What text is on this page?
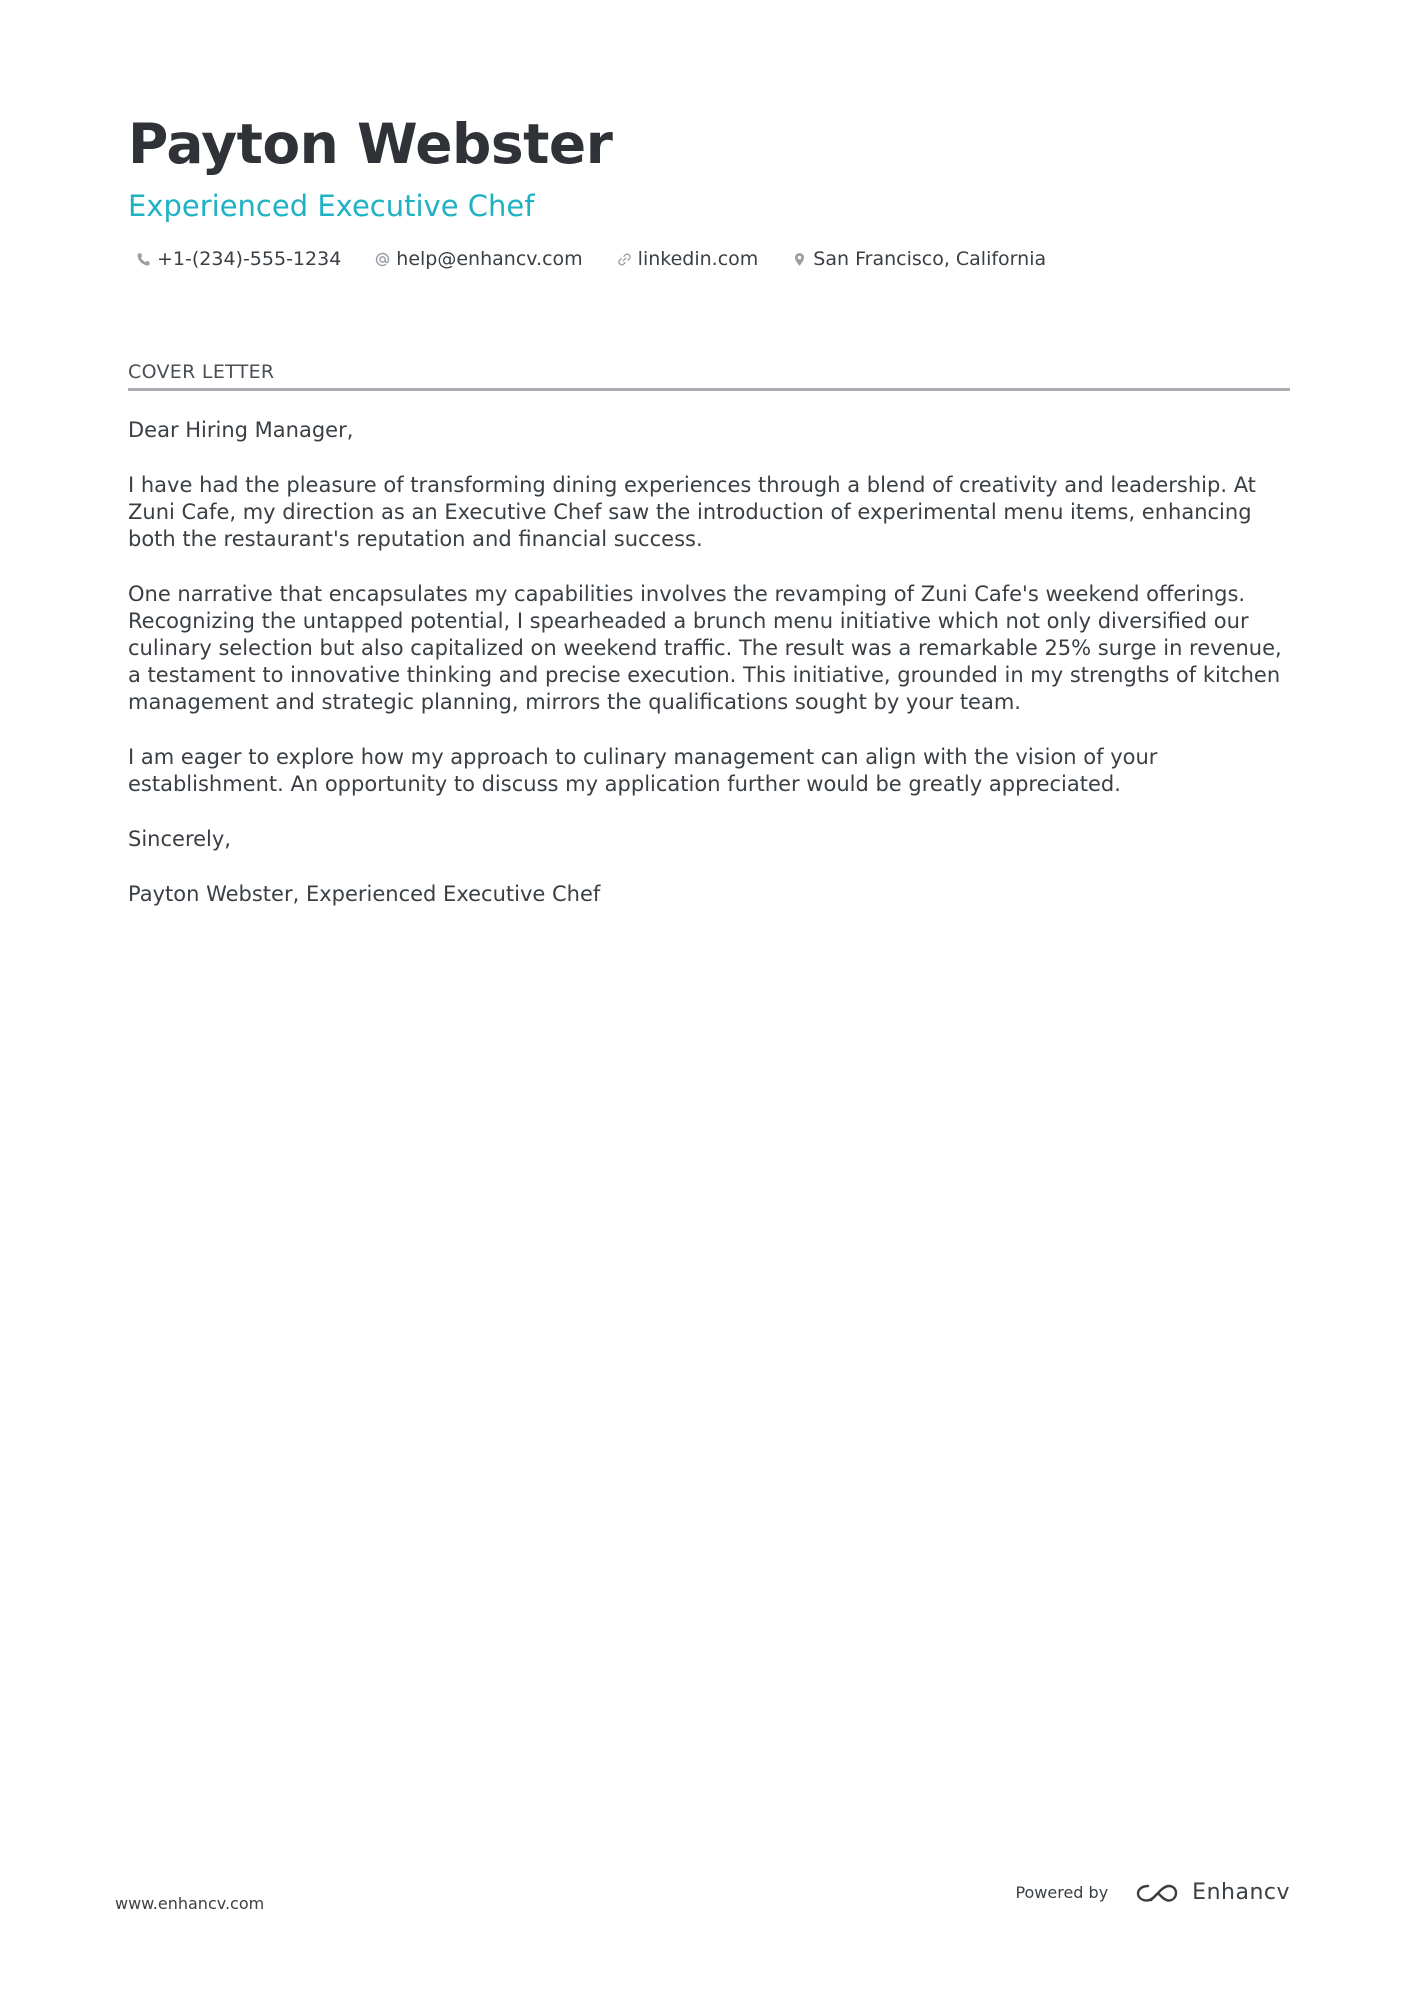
Payton Webster
Experienced Executive Chef
+1-(234)-555-1234	help@enhancv.com	linkedin.com	San Francisco, California
COVER LETTER

Dear Hiring Manager,

I have had the pleasure of transforming dining experiences through a blend of creativity and leadership. At Zuni Cafe, my direction as an Executive Chef saw the introduction of experimental menu items, enhancing both the restaurant's reputation and financial success.

One narrative that encapsulates my capabilities involves the revamping of Zuni Cafe's weekend offerings. Recognizing the untapped potential, I spearheaded a brunch menu initiative which not only diversified our culinary selection but also capitalized on weekend traffic. The result was a remarkable 25% surge in revenue, a testament to innovative thinking and precise execution. This initiative, grounded in my strengths of kitchen management and strategic planning, mirrors the qualifications sought by your team.

I am eager to explore how my approach to culinary management can align with the vision of your establishment. An opportunity to discuss my application further would be greatly appreciated.

Sincerely,

Payton Webster, Experienced Executive Chef

www.enhancv.com
Powered by	Enhancv
